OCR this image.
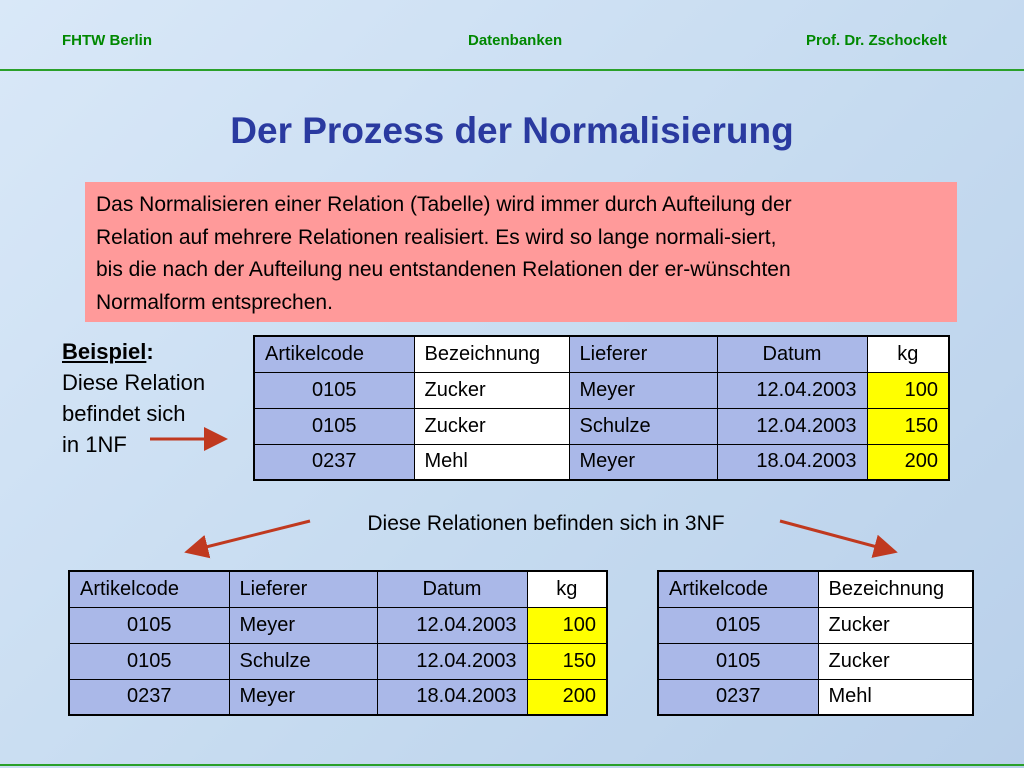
FHTW Berlin	Datenbanken	Prof. Dr. Zschockelt
Der Prozess der Normalisierung
Das Normalisieren einer Relation (Tabelle) wird immer durch Aufteilung der
Relation auf mehrere Relationen realisiert. Es wird so lange normali-siert,
bis die nach der Aufteilung neu entstandenen Relationen der er-wünschten
Normalform entsprechen.
Beispiel:
Diese Relation
befindet sich
in 1NF
Artikelcode	Bezeichnung	Lieferer	Datum	kg
0105	Zucker	Meyer	12.04.2003	100
0105	Zucker	Schulze	12.04.2003	150
0237	Mehl	Meyer	18.04.2003	200
Diese Relationen befinden sich in 3NF
Artikelcode	Lieferer	Datum	kg
0105	Meyer	12.04.2003	100
0105	Schulze	12.04.2003	150
0237	Meyer	18.04.2003	200
Artikelcode	Bezeichnung
0105	Zucker
0105	Zucker
0237	Mehl
